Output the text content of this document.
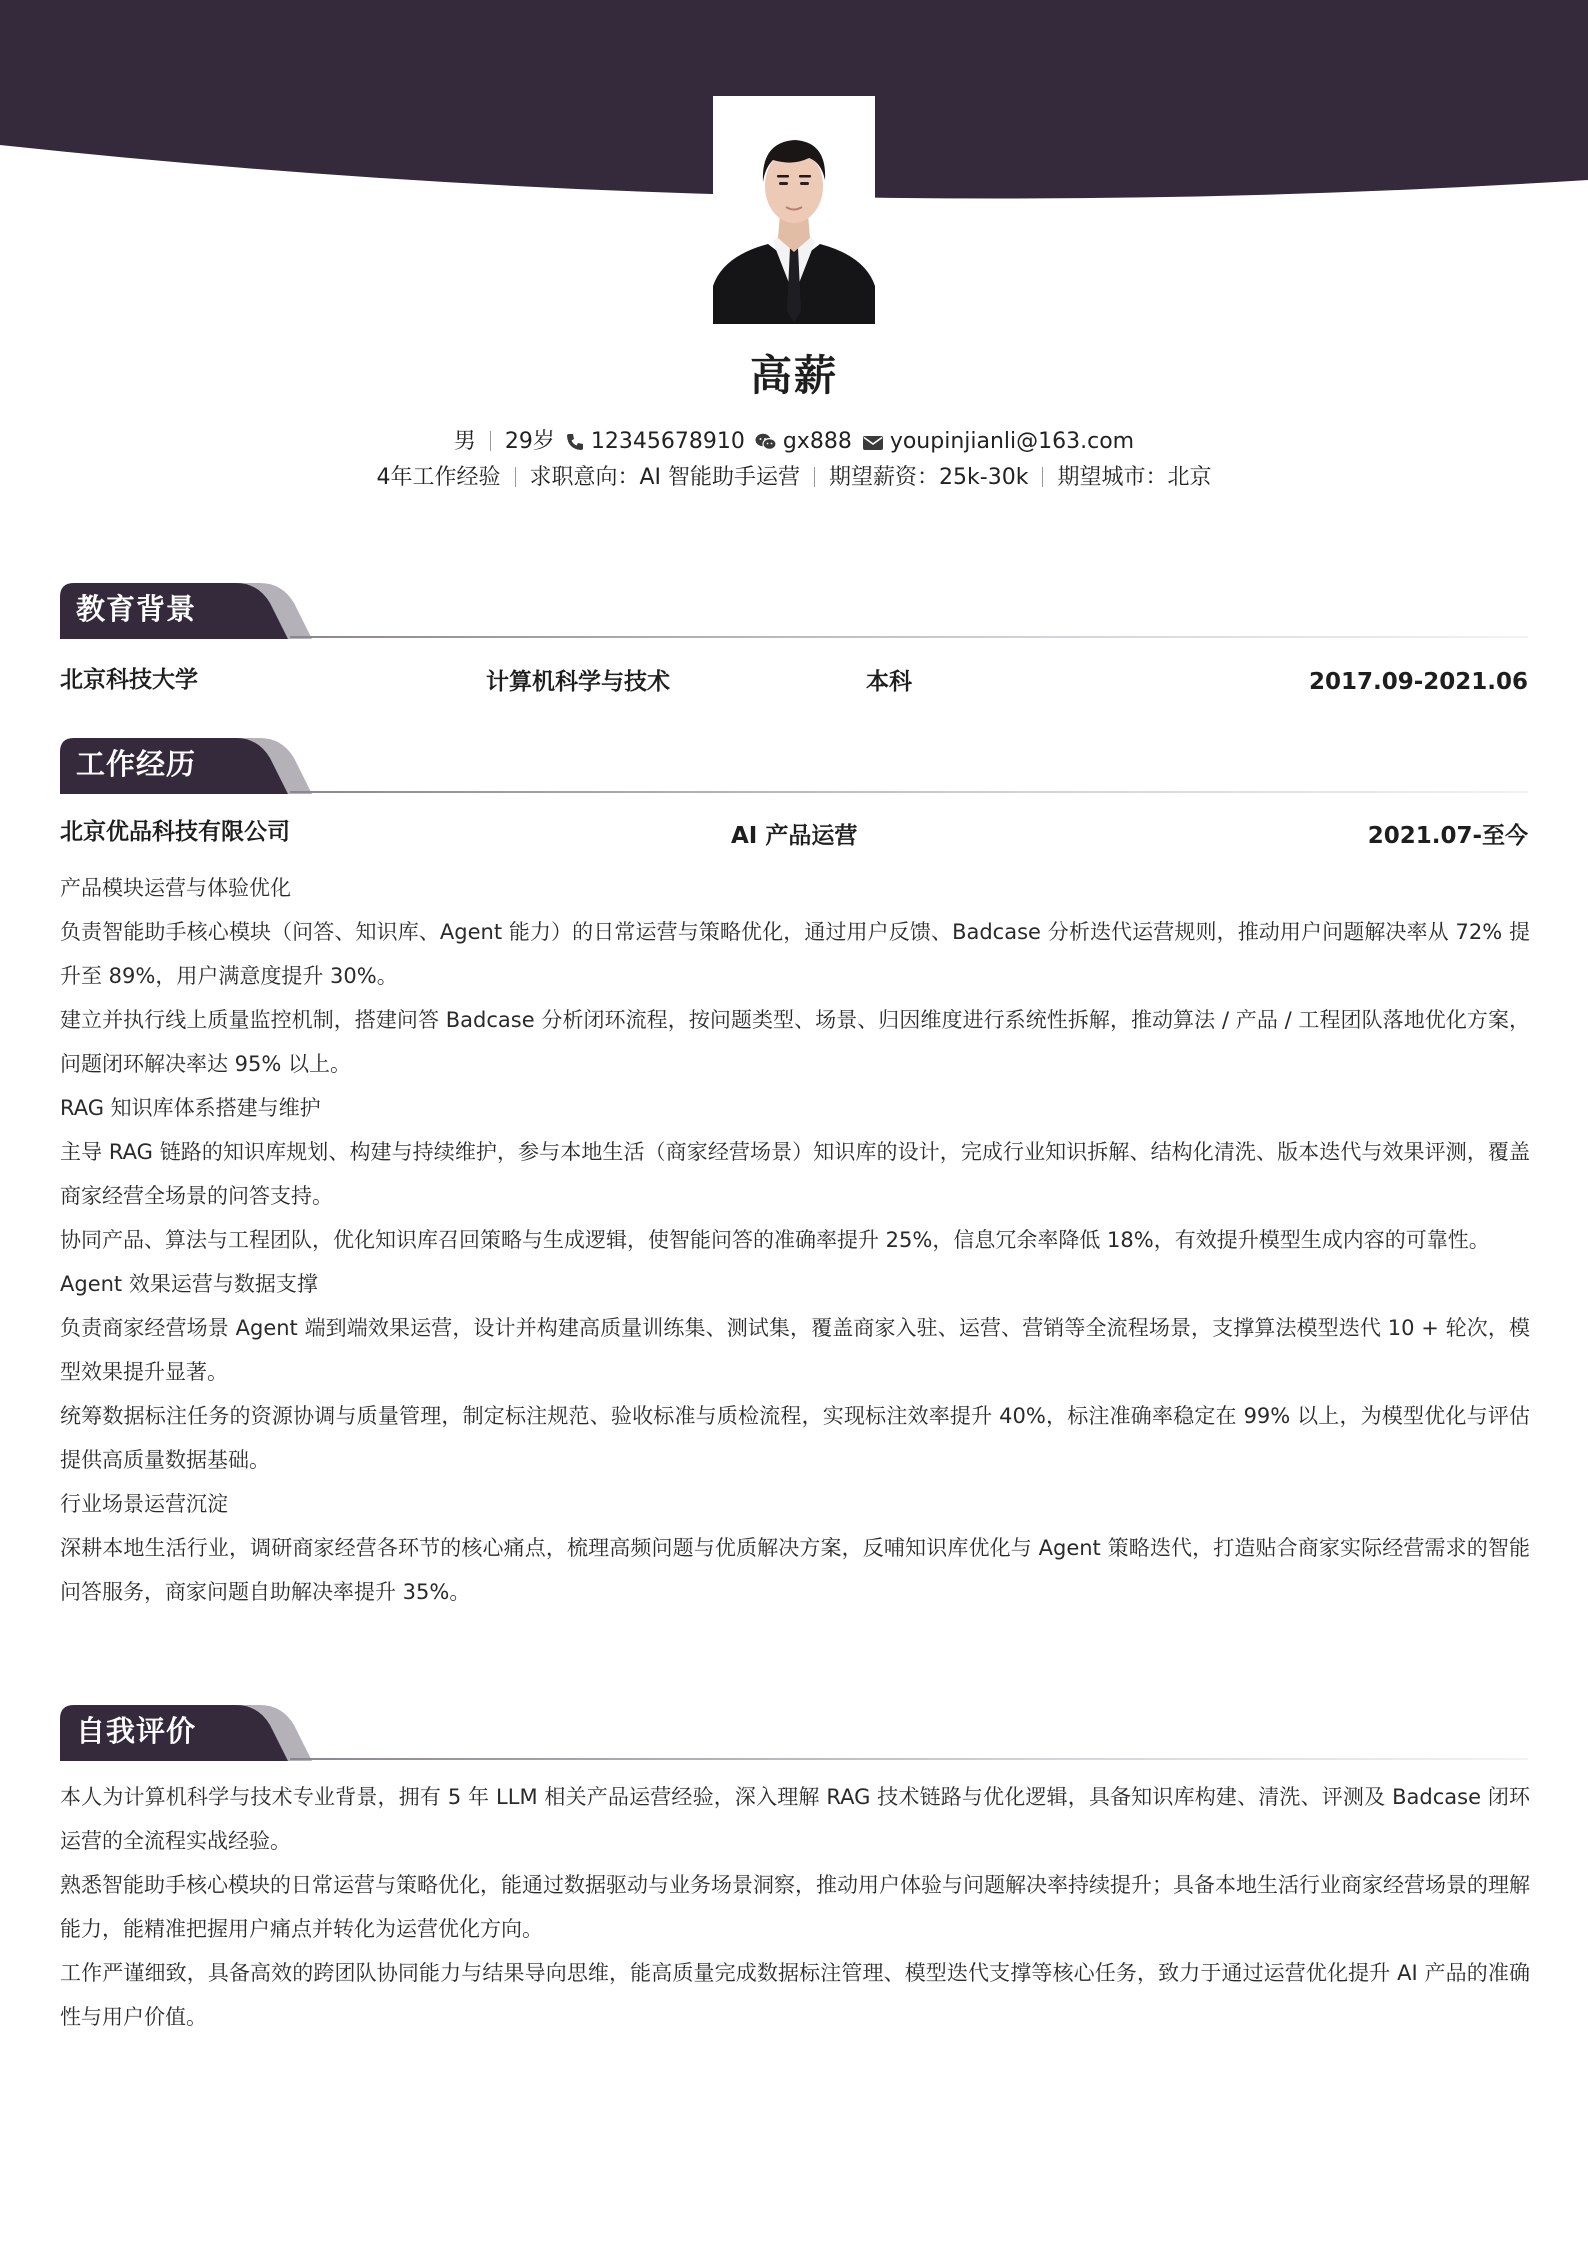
高薪
男 29岁 12345678910 gx888 youpinjianli@163.com
4年工作经验 求职意向：AI 智能助手运营 期望薪资：25k-30k 期望城市：北京
教育背景
北京科技大学	计算机科学与技术	本科	2017.09-2021.06
工作经历
北京优品科技有限公司	AI 产品运营	2021.07-至今

产品模块运营与体验优化

负责智能助手核心模块（问答、知识库、Agent 能力）的日常运营与策略优化，通过用户反馈、Badcase 分析迭代运营规则，推动用户问题解决率从 72% 提升至 89%，用户满意度提升 30%。

建立并执行线上质量监控机制，搭建问答 Badcase 分析闭环流程，按问题类型、场景、归因维度进行系统性拆解，推动算法 / 产品 / 工程团队落地优化方案，问题闭环解决率达 95% 以上。

RAG 知识库体系搭建与维护

主导 RAG 链路的知识库规划、构建与持续维护，参与本地生活（商家经营场景）知识库的设计，完成行业知识拆解、结构化清洗、版本迭代与效果评测，覆盖商家经营全场景的问答支持。

协同产品、算法与工程团队，优化知识库召回策略与生成逻辑，使智能问答的准确率提升 25%，信息冗余率降低 18%，有效提升模型生成内容的可靠性。

Agent 效果运营与数据支撑

负责商家经营场景 Agent 端到端效果运营，设计并构建高质量训练集、测试集，覆盖商家入驻、运营、营销等全流程场景，支撑算法模型迭代 10 + 轮次，模型效果提升显著。

统筹数据标注任务的资源协调与质量管理，制定标注规范、验收标准与质检流程，实现标注效率提升 40%，标注准确率稳定在 99% 以上，为模型优化与评估提供高质量数据基础。

行业场景运营沉淀

深耕本地生活行业，调研商家经营各环节的核心痛点，梳理高频问题与优质解决方案，反哺知识库优化与 Agent 策略迭代，打造贴合商家实际经营需求的智能问答服务，商家问题自助解决率提升 35%。

自我评价

本人为计算机科学与技术专业背景，拥有 5 年 LLM 相关产品运营经验，深入理解 RAG 技术链路与优化逻辑，具备知识库构建、清洗、评测及 Badcase 闭环运营的全流程实战经验。

熟悉智能助手核心模块的日常运营与策略优化，能通过数据驱动与业务场景洞察，推动用户体验与问题解决率持续提升；具备本地生活行业商家经营场景的理解能力，能精准把握用户痛点并转化为运营优化方向。

工作严谨细致，具备高效的跨团队协同能力与结果导向思维，能高质量完成数据标注管理、模型迭代支撑等核心任务，致力于通过运营优化提升 AI 产品的准确性与用户价值。
